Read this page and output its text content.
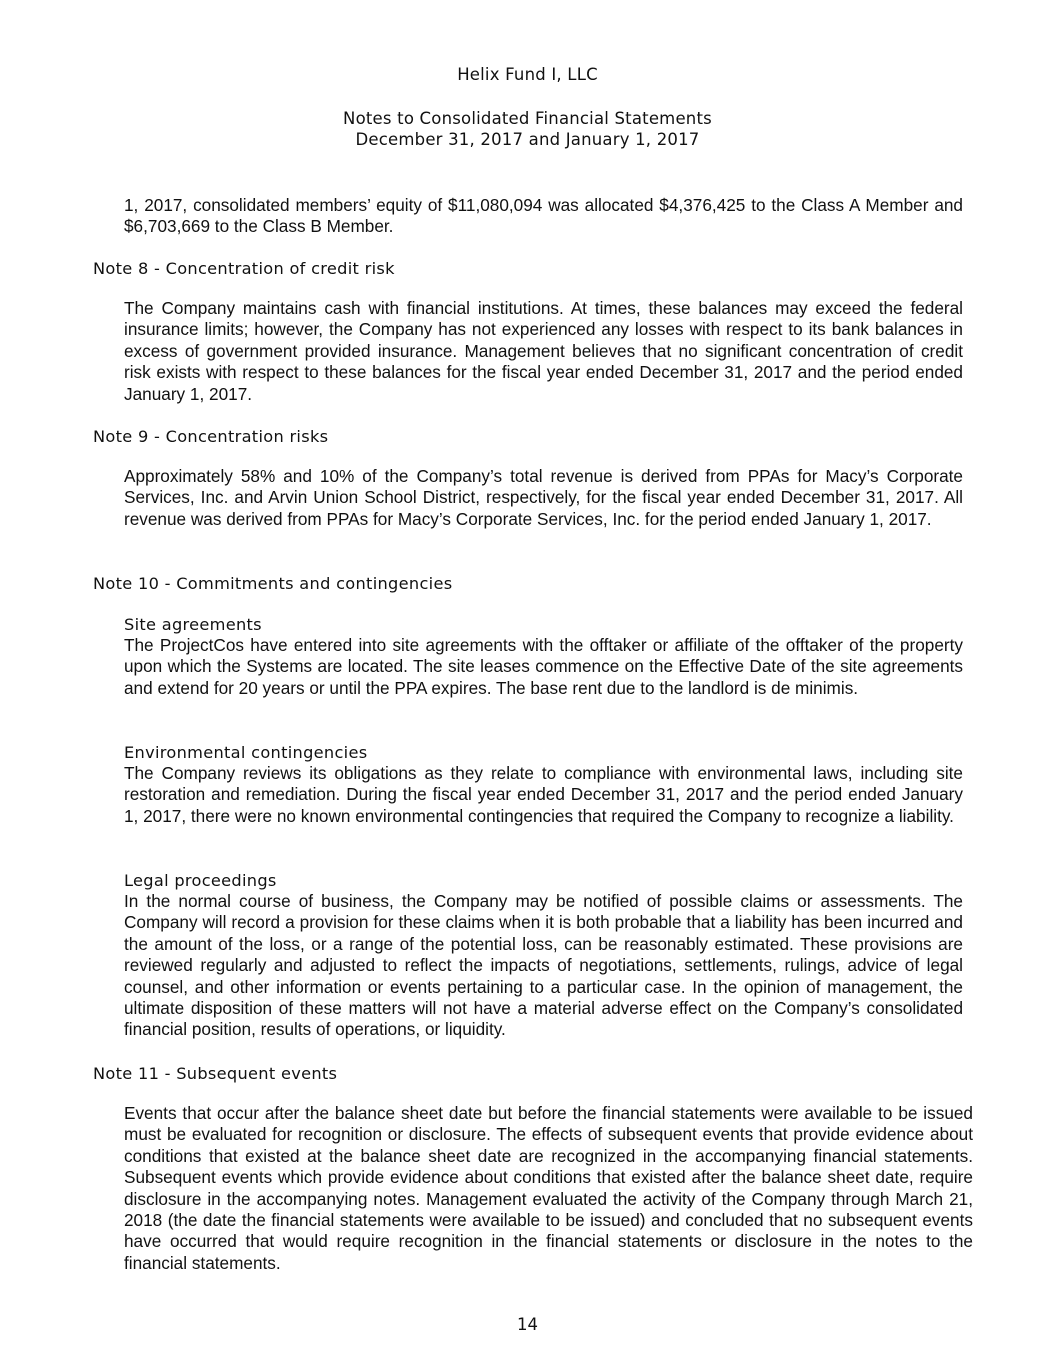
Helix Fund I, LLC
Notes to Consolidated Financial Statements
December 31, 2017 and January 1, 2017

1, 2017, consolidated members’ equity of $11,080,094 was allocated $4,376,425 to the Class A Member and $6,703,669 to the Class B Member.

Note 8 - Concentration of credit risk

The Company maintains cash with financial institutions. At times, these balances may exceed the federal insurance limits; however, the Company has not experienced any losses with respect to its bank balances in excess of government provided insurance. Management believes that no significant concentration of credit risk exists with respect to these balances for the fiscal year ended December 31, 2017 and the period ended January 1, 2017.

Note 9 - Concentration risks

Approximately 58% and 10% of the Company’s total revenue is derived from PPAs for Macy’s Corporate Services, Inc. and Arvin Union School District, respectively, for the fiscal year ended December 31, 2017. All revenue was derived from PPAs for Macy’s Corporate Services, Inc. for the period ended January 1, 2017.

Note 10 - Commitments and contingencies
Site agreements

The ProjectCos have entered into site agreements with the offtaker or affiliate of the offtaker of the property upon which the Systems are located. The site leases commence on the Effective Date of the site agreements and extend for 20 years or until the PPA expires. The base rent due to the landlord is de minimis.

Environmental contingencies

The Company reviews its obligations as they relate to compliance with environmental laws, including site restoration and remediation. During the fiscal year ended December 31, 2017 and the period ended January 1, 2017, there were no known environmental contingencies that required the Company to recognize a liability.

Legal proceedings

In the normal course of business, the Company may be notified of possible claims or assessments. The Company will record a provision for these claims when it is both probable that a liability has been incurred and the amount of the loss, or a range of the potential loss, can be reasonably estimated. These provisions are reviewed regularly and adjusted to reflect the impacts of negotiations, settlements, rulings, advice of legal counsel, and other information or events pertaining to a particular case. In the opinion of management, the ultimate disposition of these matters will not have a material adverse effect on the Company’s consolidated financial position, results of operations, or liquidity.

Note 11 - Subsequent events

Events that occur after the balance sheet date but before the financial statements were available to be issued must be evaluated for recognition or disclosure. The effects of subsequent events that provide evidence about conditions that existed at the balance sheet date are recognized in the accompanying financial statements. Subsequent events which provide evidence about conditions that existed after the balance sheet date, require disclosure in the accompanying notes. Management evaluated the activity of the Company through March 21, 2018 (the date the financial statements were available to be issued) and concluded that no subsequent events have occurred that would require recognition in the financial statements or disclosure in the notes to the financial statements.

14
